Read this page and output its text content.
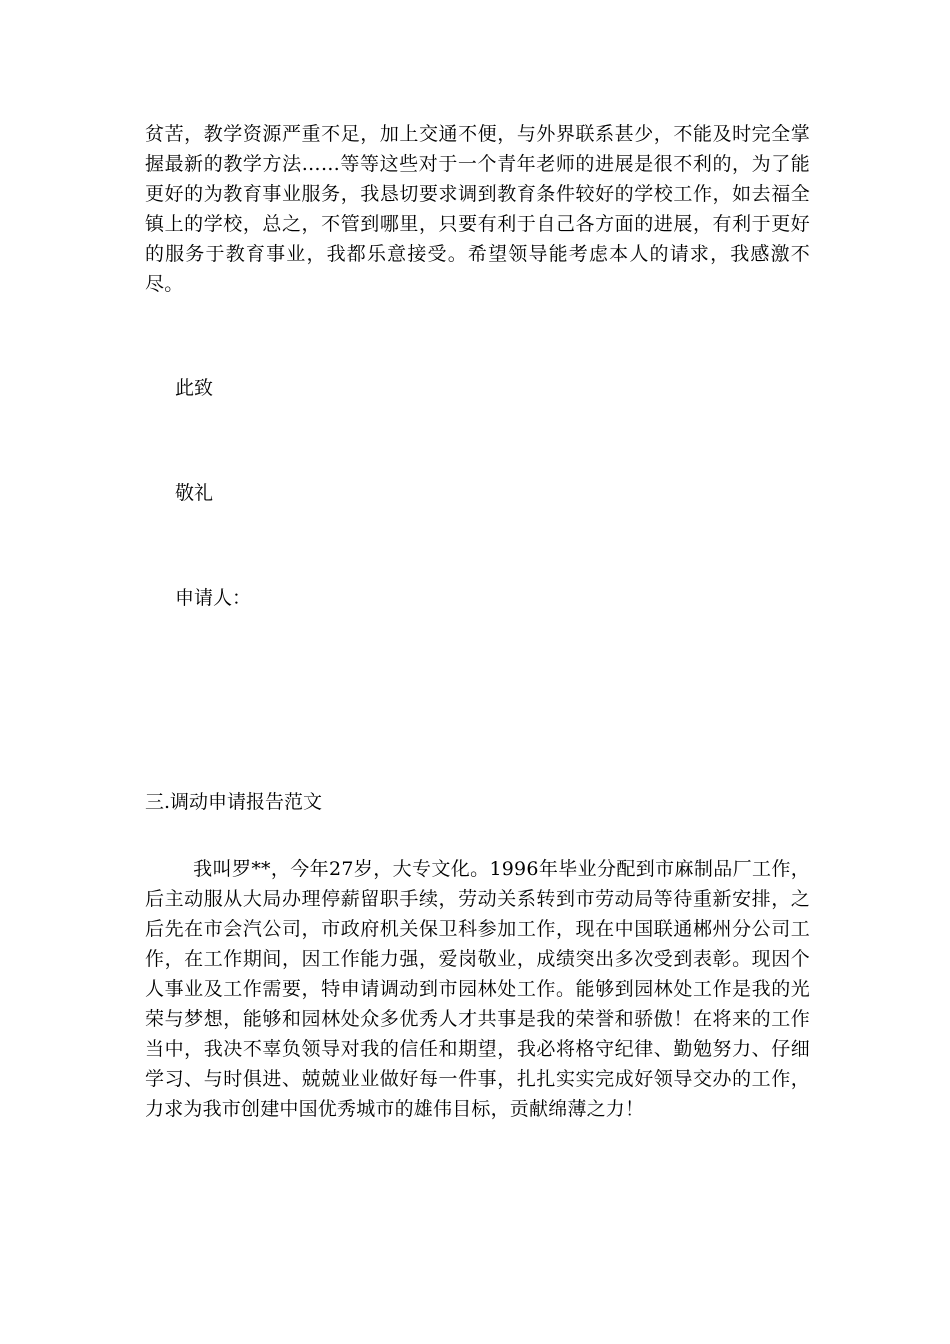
贫苦，教学资源严重不足，加上交通不便，与外界联系甚少，不能及时完全掌握最新的教学方法……等等这些对于一个青年老师的进展是很不利的，为了能更好的为教育事业服务，我恳切要求调到教育条件较好的学校工作，如去福全镇上的学校，总之，不管到哪里，只要有利于自己各方面的进展，有利于更好的服务于教育事业，我都乐意接受。希望领导能考虑本人的请求，我感激不尽。

此致

敬礼

申请人：

三.调动申请报告范文

我叫罗**，今年27岁，大专文化。1996年毕业分配到市麻制品厂工作，后主动服从大局办理停薪留职手续，劳动关系转到市劳动局等待重新安排，之后先在市会汽公司，市政府机关保卫科参加工作，现在中国联通郴州分公司工作，在工作期间，因工作能力强，爱岗敬业，成绩突出多次受到表彰。现因个人事业及工作需要，特申请调动到市园林处工作。能够到园林处工作是我的光荣与梦想，能够和园林处众多优秀人才共事是我的荣誉和骄傲！在将来的工作当中，我决不辜负领导对我的信任和期望，我必将格守纪律、勤勉努力、仔细学习、与时俱进、兢兢业业做好每一件事，扎扎实实完成好领导交办的工作，力求为我市创建中国优秀城市的雄伟目标，贡献绵薄之力！
